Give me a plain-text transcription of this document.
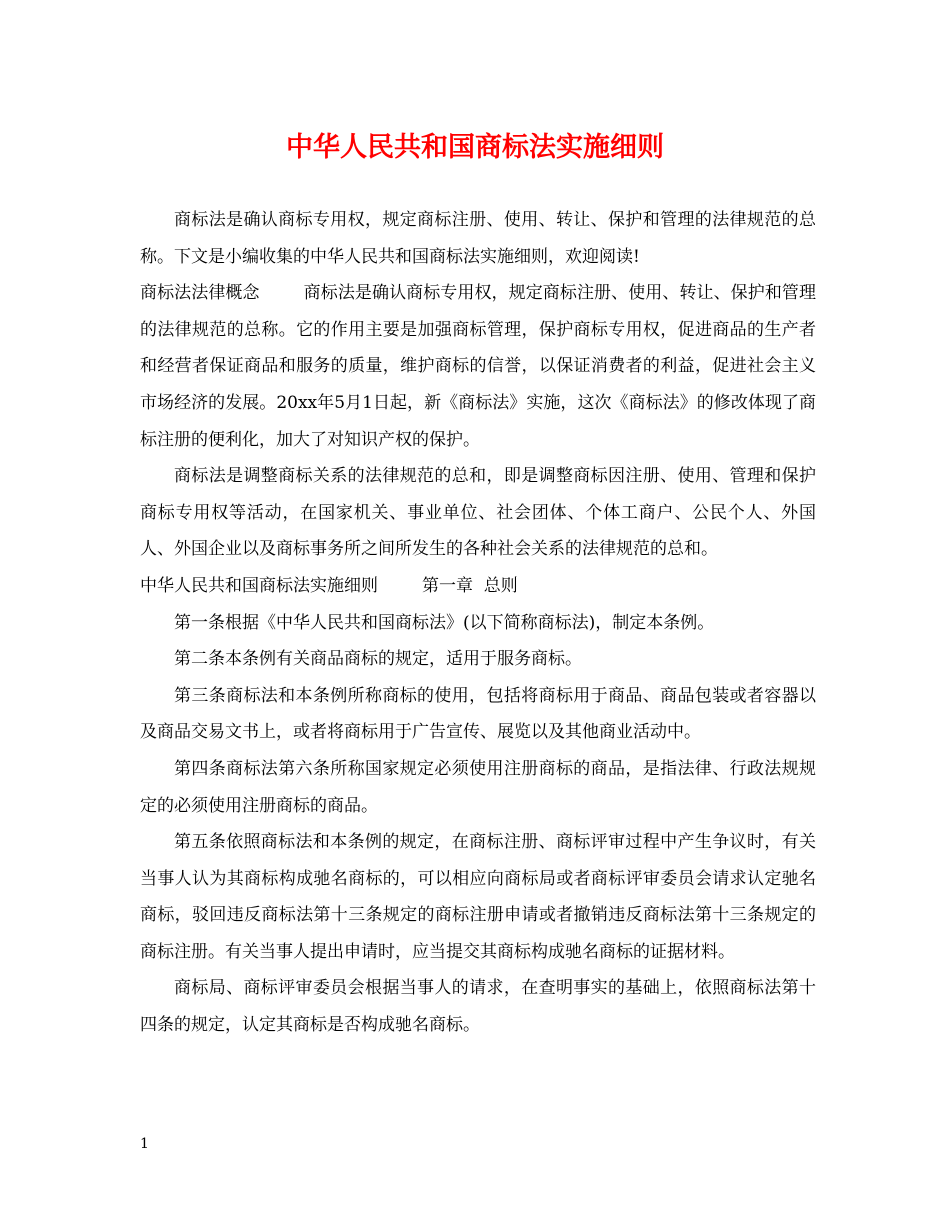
中华人民共和国商标法实施细则

商标法是确认商标专用权，规定商标注册、使用、转让、保护和管理的法律规范的总称。下文是小编收集的中华人民共和国商标法实施细则，欢迎阅读!

商标法法律概念	商标法是确认商标专用权，规定商标注册、使用、转让、保护和管理的法律规范的总称。它的作用主要是加强商标管理，保护商标专用权，促进商品的生产者和经营者保证商品和服务的质量，维护商标的信誉，以保证消费者的利益，促进社会主义市场经济的发展。20xx年5月1日起，新《商标法》实施，这次《商标法》的修改体现了商标注册的便利化，加大了对知识产权的保护。

商标法是调整商标关系的法律规范的总和，即是调整商标因注册、使用、管理和保护商标专用权等活动，在国家机关、事业单位、社会团体、个体工商户、公民个人、外国人、外国企业以及商标事务所之间所发生的各种社会关系的法律规范的总和。

中华人民共和国商标法实施细则	第一章  总则

第一条根据《中华人民共和国商标法》(以下简称商标法)，制定本条例。

第二条本条例有关商品商标的规定，适用于服务商标。

第三条商标法和本条例所称商标的使用，包括将商标用于商品、商品包装或者容器以及商品交易文书上，或者将商标用于广告宣传、展览以及其他商业活动中。

第四条商标法第六条所称国家规定必须使用注册商标的商品，是指法律、行政法规规定的必须使用注册商标的商品。

第五条依照商标法和本条例的规定，在商标注册、商标评审过程中产生争议时，有关当事人认为其商标构成驰名商标的，可以相应向商标局或者商标评审委员会请求认定驰名商标，驳回违反商标法第十三条规定的商标注册申请或者撤销违反商标法第十三条规定的商标注册。有关当事人提出申请时，应当提交其商标构成驰名商标的证据材料。

商标局、商标评审委员会根据当事人的请求，在查明事实的基础上，依照商标法第十四条的规定，认定其商标是否构成驰名商标。

1
